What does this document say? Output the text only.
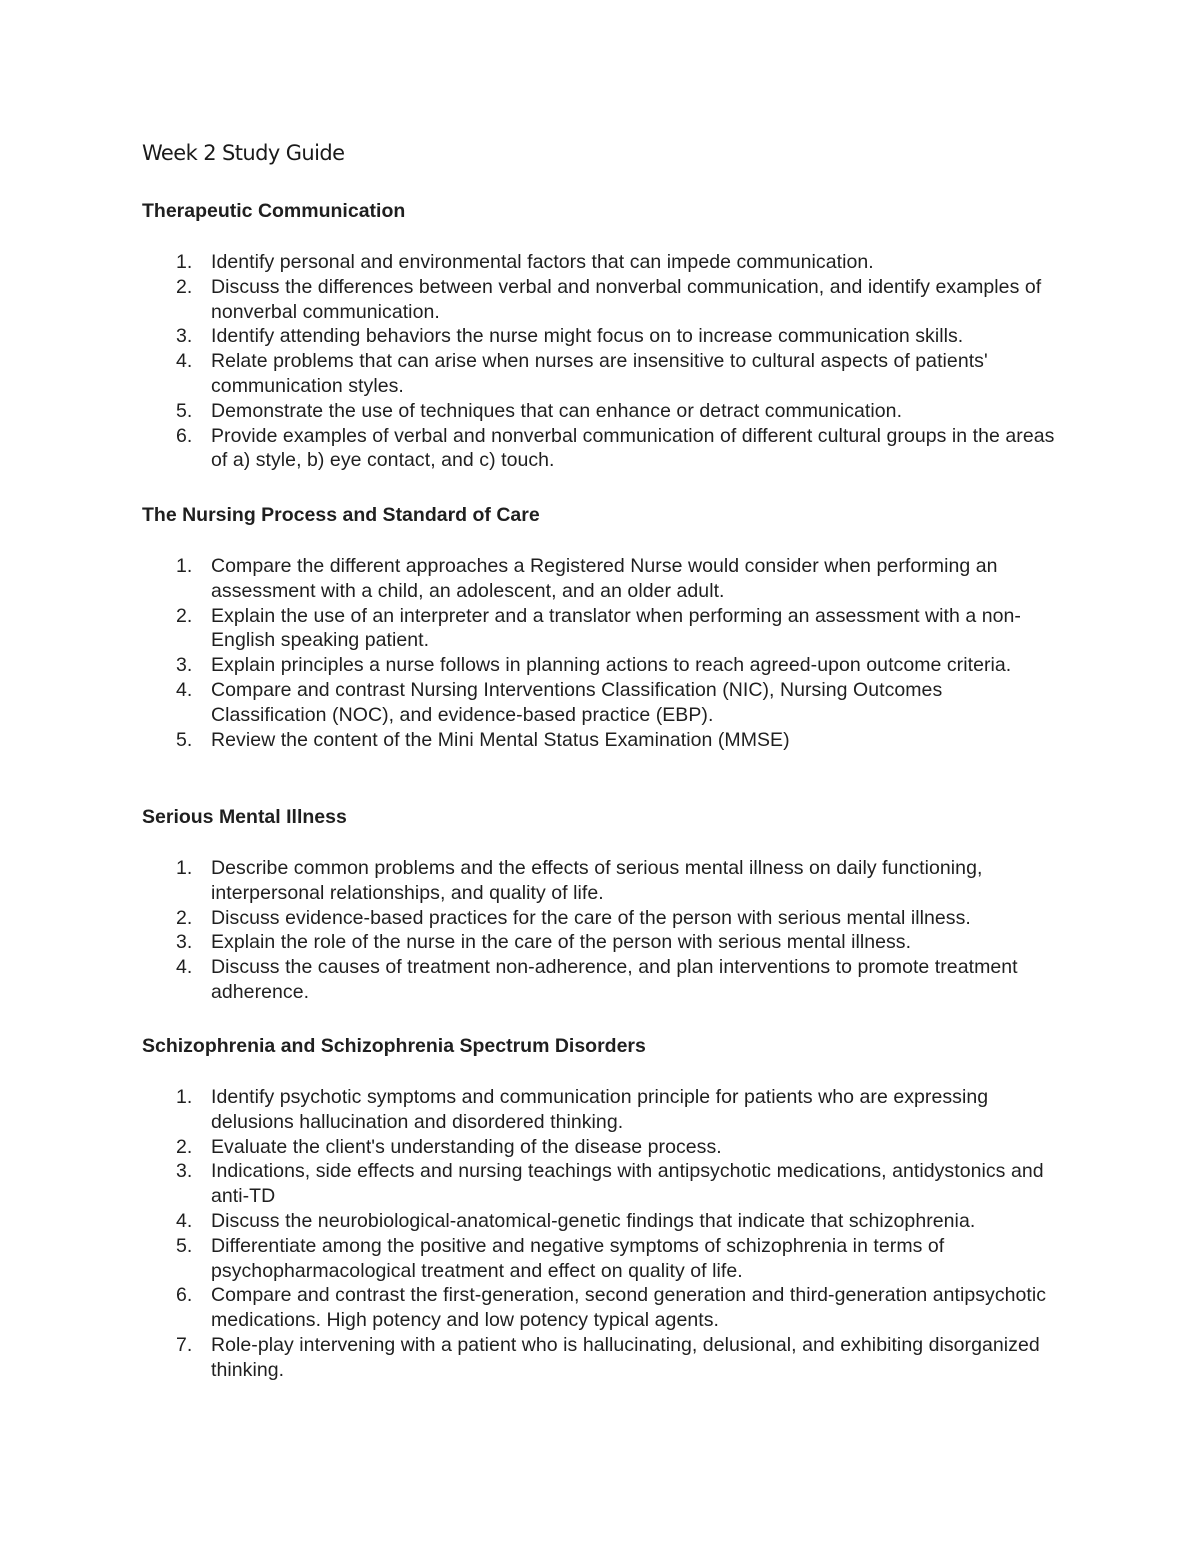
Week 2 Study Guide
Therapeutic Communication
1. Identify personal and environmental factors that can impede communication.
2. Discuss the differences between verbal and nonverbal communication, and identify examples of nonverbal communication.
3. Identify attending behaviors the nurse might focus on to increase communication skills.
4. Relate problems that can arise when nurses are insensitive to cultural aspects of patients' communication styles.
5. Demonstrate the use of techniques that can enhance or detract communication.
6. Provide examples of verbal and nonverbal communication of different cultural groups in the areas of a) style, b) eye contact, and c) touch.
The Nursing Process and Standard of Care
1. Compare the different approaches a Registered Nurse would consider when performing an assessment with a child, an adolescent, and an older adult.
2. Explain the use of an interpreter and a translator when performing an assessment with a non- English speaking patient.
3. Explain principles a nurse follows in planning actions to reach agreed-upon outcome criteria.
4. Compare and contrast Nursing Interventions Classification (NIC), Nursing Outcomes Classification (NOC), and evidence-based practice (EBP).
5. Review the content of the Mini Mental Status Examination (MMSE)
Serious Mental Illness
1. Describe common problems and the effects of serious mental illness on daily functioning, interpersonal relationships, and quality of life.
2. Discuss evidence-based practices for the care of the person with serious mental illness.
3. Explain the role of the nurse in the care of the person with serious mental illness.
4. Discuss the causes of treatment non-adherence, and plan interventions to promote treatment adherence.
Schizophrenia and Schizophrenia Spectrum Disorders
1. Identify psychotic symptoms and communication principle for patients who are expressing delusions hallucination and disordered thinking.
2. Evaluate the client's understanding of the disease process.
3. Indications, side effects and nursing teachings with antipsychotic medications, antidystonics and anti-TD
4. Discuss the neurobiological-anatomical-genetic findings that indicate that schizophrenia.
5. Differentiate among the positive and negative symptoms of schizophrenia in terms of psychopharmacological treatment and effect on quality of life.
6. Compare and contrast the first-generation, second generation and third-generation antipsychotic medications. High potency and low potency typical agents.
7. Role-play intervening with a patient who is hallucinating, delusional, and exhibiting disorganized thinking.
